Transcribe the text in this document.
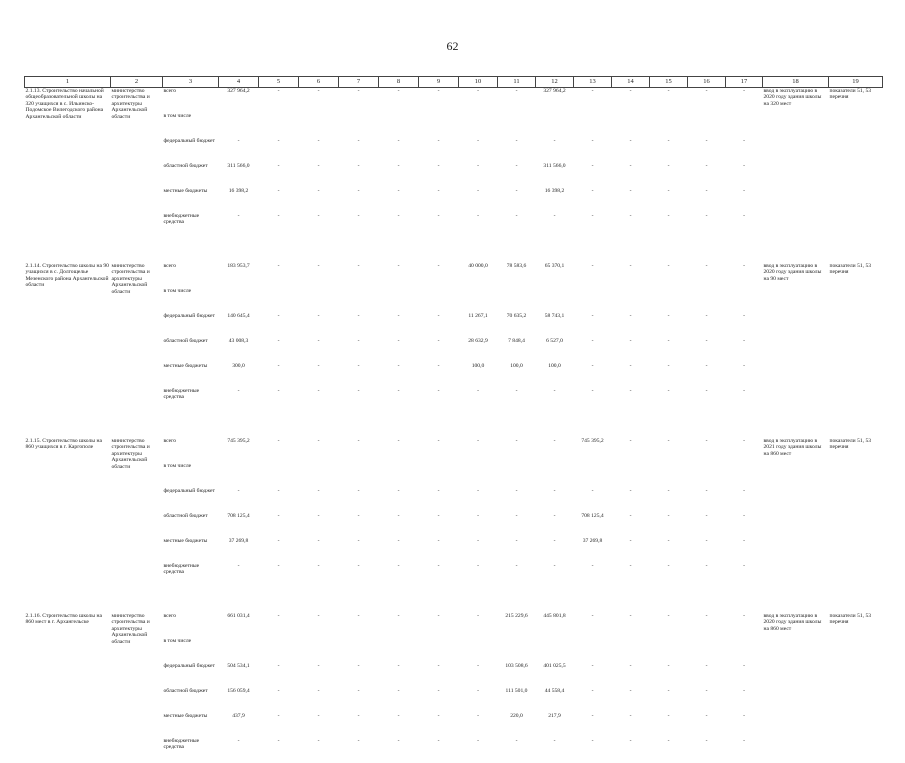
62
1	2	3	4	5	6	7	8	9	10	11	12	13	14	15	16	17	18	19
2.1.13. Строительство начальной общеобразовательной школы на 320 учащихся в с. Ильинско-Подомское Вилегодского района Архангельской области	министерство строительства и архитектуры Архангельской области	всего	327 964,2	-	-	-	-	-	-	-	327 964,2	-	-	-	-	-	ввод в эксплуатацию в 2020 году здания школы на 320 мест	показатели 51, 53 перечня
		в том числе																
		федеральный бюджет	-	-	-	-	-	-	-	-	-	-	-	-	-	-		
		областной бюджет	311 566,0	-	-	-	-	-	-	-	311 566,0	-	-	-	-	-		
		местные бюджеты	16 398,2	-	-	-	-	-	-	-	16 398,2	-	-	-	-	-		
		внебюджетные средства	-	-	-	-	-	-	-	-	-	-	-	-	-	-		

2.1.14. Строительство школы на 90 учащихся в с. Долгощелье Мезенского района Архангельской области	министерство строительства и архитектуры Архангельской области	всего	183 953,7	-	-	-	-	-	40 000,0	78 583,6	65 370,1	-	-	-	-	-	ввод в эксплуатацию в 2020 году здания школы на 90 мест	показатели 51, 53 перечня
		в том числе																
		федеральный бюджет	140 645,4	-	-	-	-	-	11 267,1	70 635,2	58 743,1	-	-	-	-	-		
		областной бюджет	43 008,3	-	-	-	-	-	28 632,9	7 848,4	6 527,0	-	-	-	-	-		
		местные бюджеты	300,0	-	-	-	-	-	100,0	100,0	100,0	-	-	-	-	-		
		внебюджетные средства	-	-	-	-	-	-	-	-	-	-	-	-	-	-		

2.1.15. Строительство школы на 860 учащихся в г. Каргополе	министерство строительства и архитектуры Архангельской области	всего	745 395,2	-	-	-	-	-	-	-	-	745 395,2	-	-	-	-	ввод в эксплуатацию в 2021 году здания школы на 860 мест	показатели 51, 53 перечня
		в том числе																
		федеральный бюджет	-	-	-	-	-	-	-	-	-	-	-	-	-	-		
		областной бюджет	708 125,4	-	-	-	-	-	-	-	-	708 125,4	-	-	-	-		
		местные бюджеты	37 269,8	-	-	-	-	-	-	-	-	37 269,8	-	-	-	-		
		внебюджетные средства	-	-	-	-	-	-	-	-	-	-	-	-	-	-		

2.1.16. Строительство школы на 860 мест в г. Архангельске	министерство строительства и архитектуры Архангельской области	всего	661 031,4	-	-	-	-	-	-	215 229,6	445 801,8	-	-	-	-	-	ввод в эксплуатацию в 2020 году здания школы на 860 мест	показатели 51, 53 перечня
		в том числе																
		федеральный бюджет	504 534,1	-	-	-	-	-	-	103 508,6	401 025,5	-	-	-	-	-		
		областной бюджет	156 059,4	-	-	-	-	-	-	111 501,0	44 558,4	-	-	-	-	-		
		местные бюджеты	437,9	-	-	-	-	-	-	220,0	217,9	-	-	-	-	-		
		внебюджетные средства	-	-	-	-	-	-	-	-	-	-	-	-	-	-		
